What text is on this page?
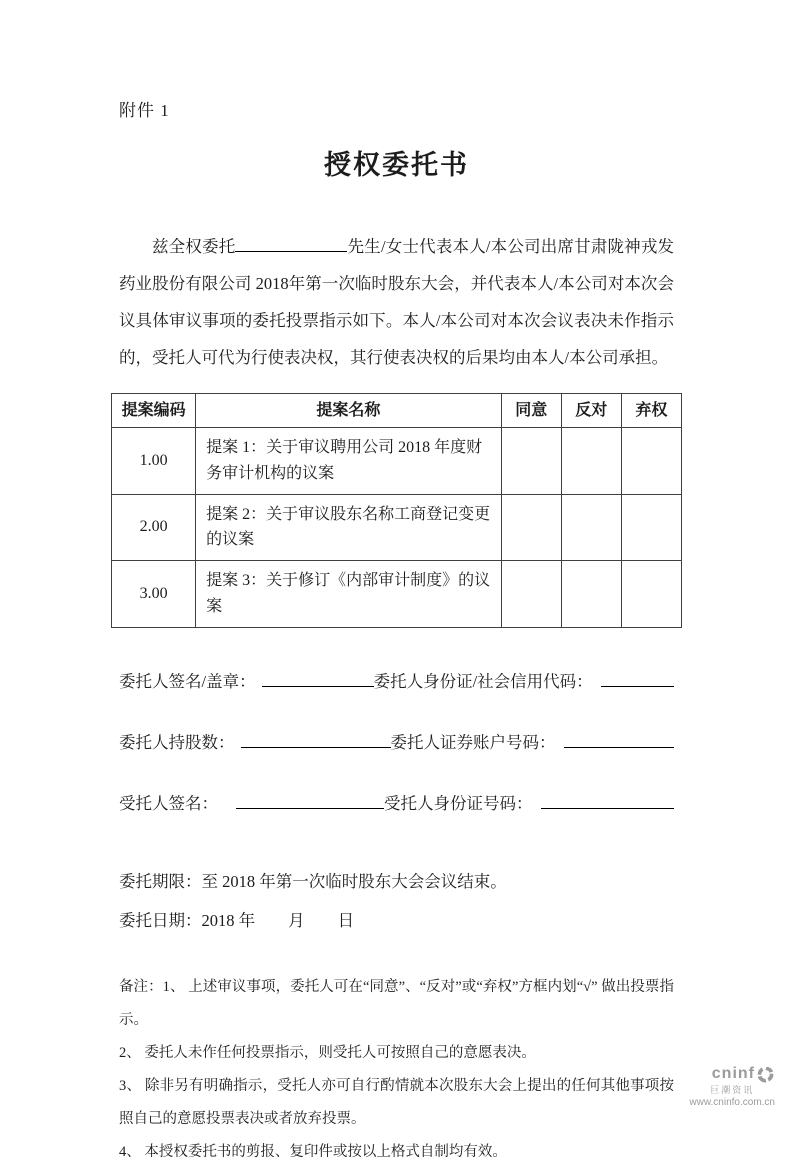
附件 1
授权委托书

兹全权委托	先生/女士代表本人/本公司出席甘肃陇神戎发药业股份有限公司 2018年第一次临时股东大会，并代表本人/本公司对本次会议具体审议事项的委托投票指示如下。本人/本公司对本次会议表决未作指示的，受托人可代为行使表决权，其行使表决权的后果均由本人/本公司承担。

提案编码	提案名称	同意	反对	弃权
1.00	提案 1：关于审议聘用公司 2018 年度财务审计机构的议案			
2.00	提案 2：关于审议股东名称工商登记变更的议案			
3.00	提案 3：关于修订《内部审计制度》的议案			
委托人签名/盖章：	委托人身份证/社会信用代码：
委托人持股数：	委托人证券账户号码：
受托人签名：	受托人身份证号码：
委托期限：至 2018 年第一次临时股东大会会议结束。
委托日期：2018 年　　月　　日

备注：1、 上述审议事项，委托人可在“同意”、“反对”或“弃权”方框内划“√” 做出投票指示。

2、 委托人未作任何投票指示，则受托人可按照自己的意愿表决。

3、 除非另有明确指示，受托人亦可自行酌情就本次股东大会上提出的任何其他事项按照自己的意愿投票表决或者放弃投票。

4、 本授权委托书的剪报、复印件或按以上格式自制均有效。

cninf
巨潮资讯
www.cninfo.com.cn
